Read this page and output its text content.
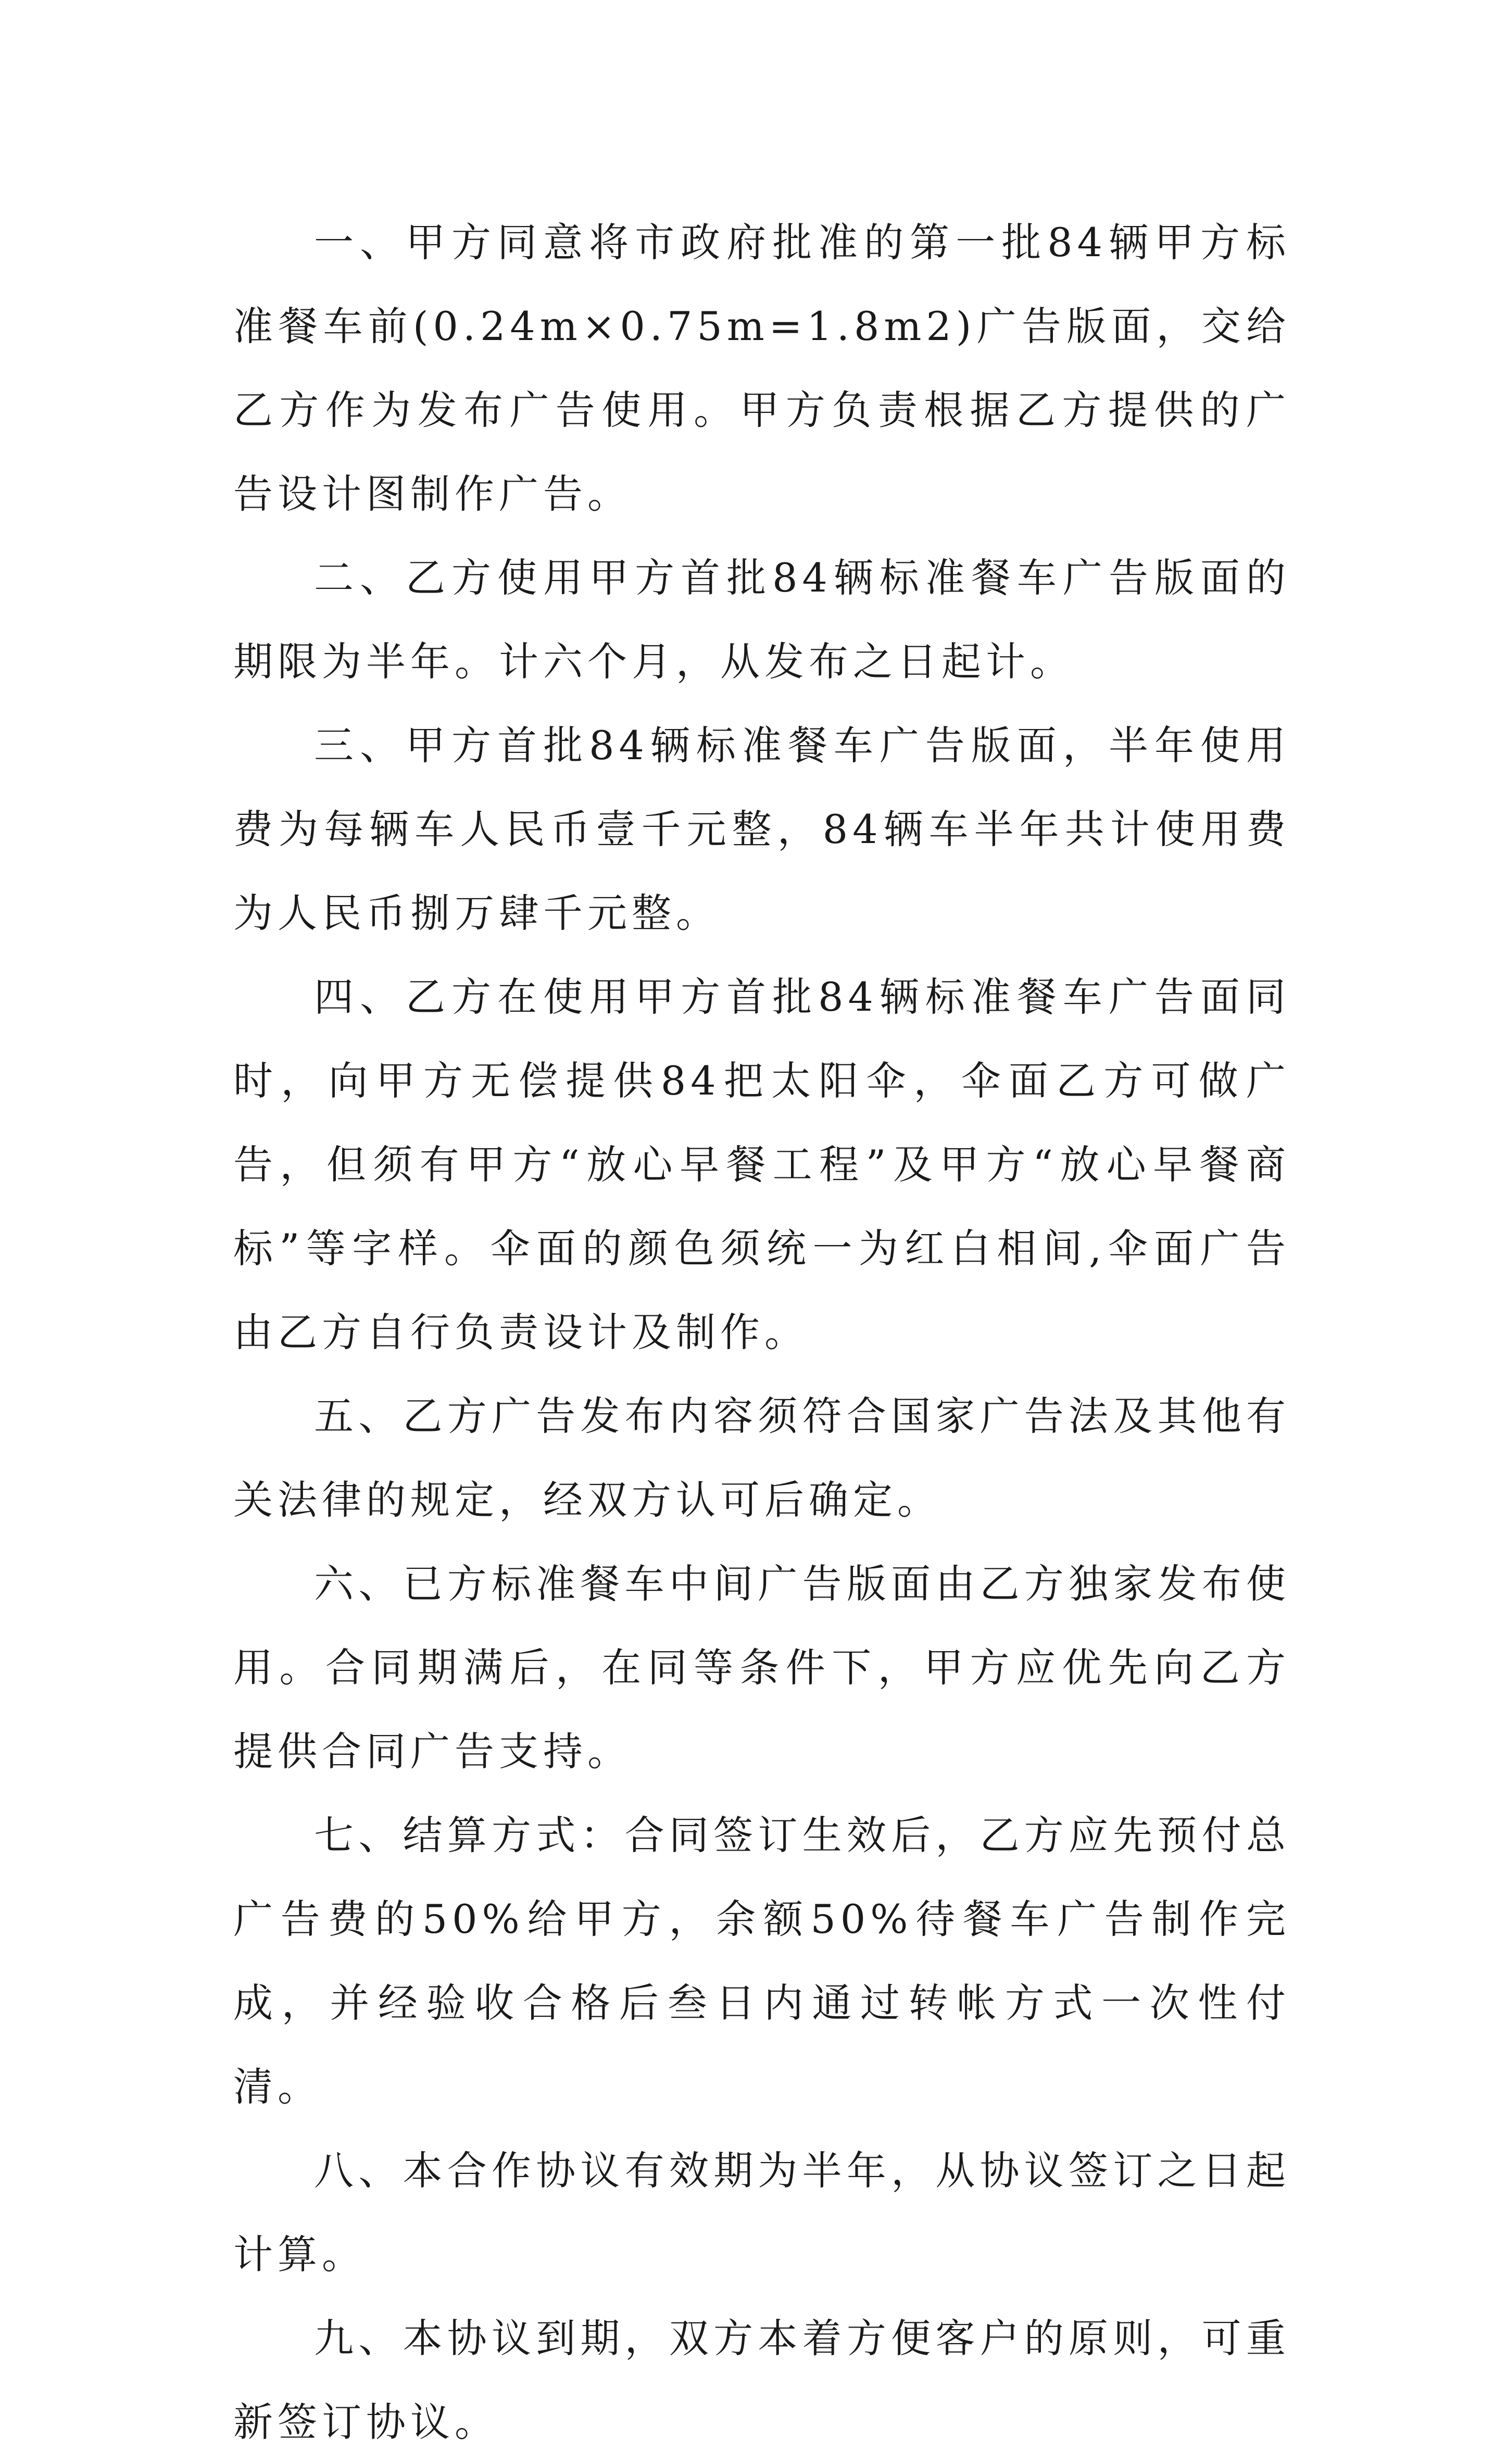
一、甲方同意将市政府批准的第一批84辆甲方标准餐车前(0.24m×0.75m=1.8m2)广告版面，交给乙方作为发布广告使用。甲方负责根据乙方提供的广告设计图制作广告。

二、乙方使用甲方首批84辆标准餐车广告版面的期限为半年。计六个月，从发布之日起计。

三、甲方首批84辆标准餐车广告版面，半年使用费为每辆车人民币壹千元整，84辆车半年共计使用费为人民币捌万肆千元整。

四、乙方在使用甲方首批84辆标准餐车广告面同时，向甲方无偿提供84把太阳伞，伞面乙方可做广告，但须有甲方“放心早餐工程”及甲方“放心早餐商标”等字样。伞面的颜色须统一为红白相间,伞面广告由乙方自行负责设计及制作。

五、乙方广告发布内容须符合国家广告法及其他有关法律的规定，经双方认可后确定。

六、已方标准餐车中间广告版面由乙方独家发布使用。合同期满后，在同等条件下，甲方应优先向乙方提供合同广告支持。

七、结算方式：合同签订生效后，乙方应先预付总广告费的50%给甲方，余额50%待餐车广告制作完成，并经验收合格后叁日内通过转帐方式一次性付清。

八、本合作协议有效期为半年，从协议签订之日起计算。

九、本协议到期，双方本着方便客户的原则，可重新签订协议。
